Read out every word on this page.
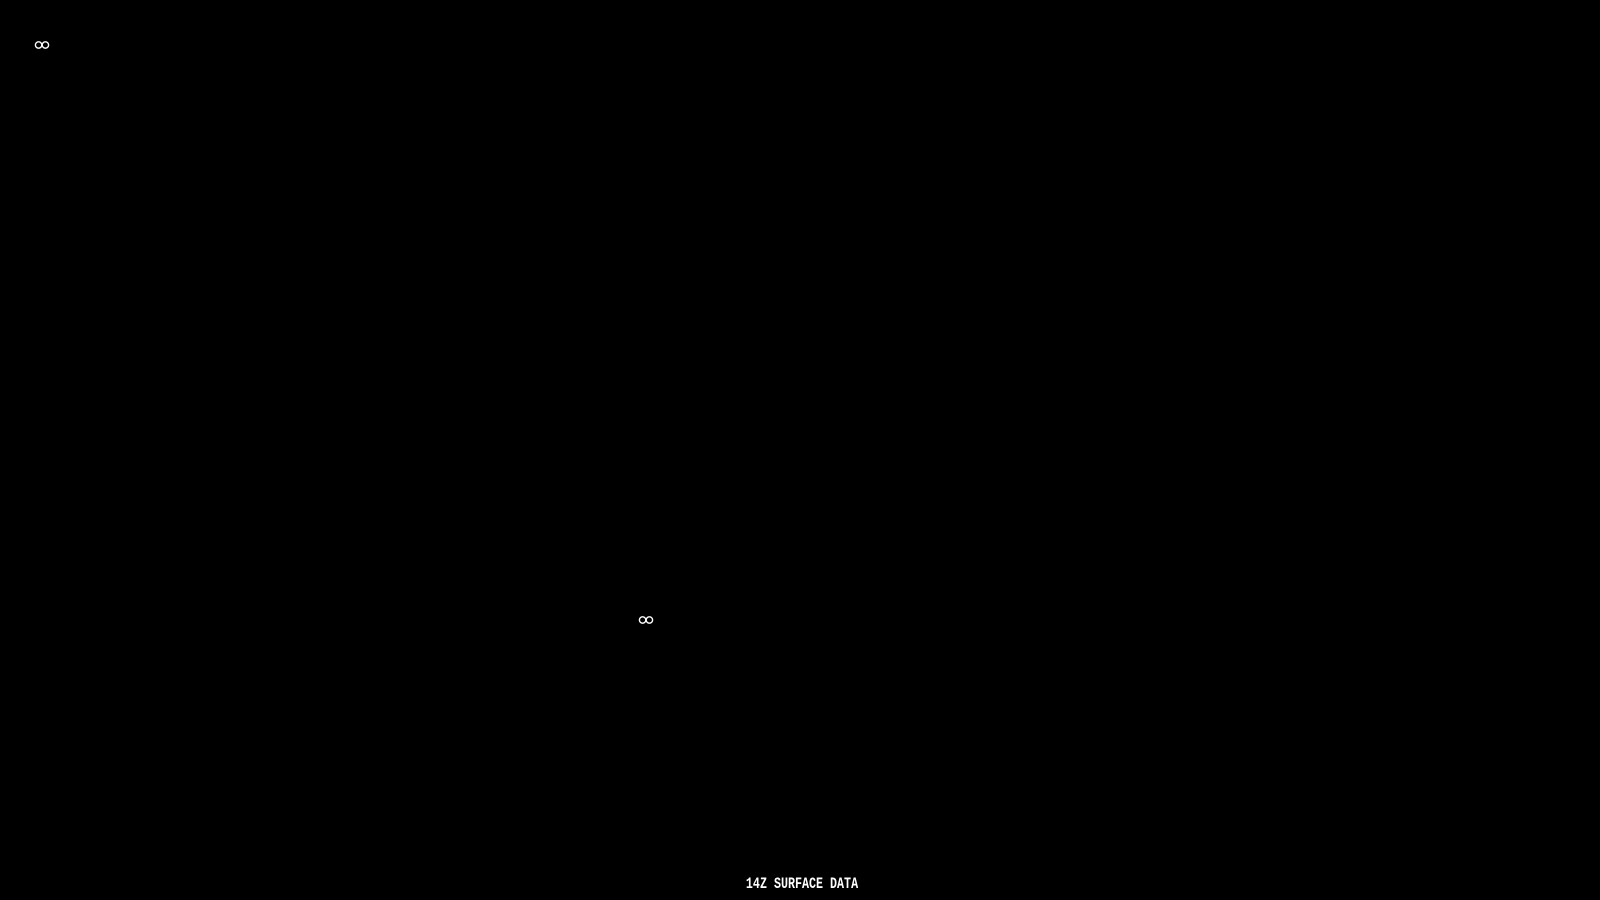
14Z SURFACE DATA
